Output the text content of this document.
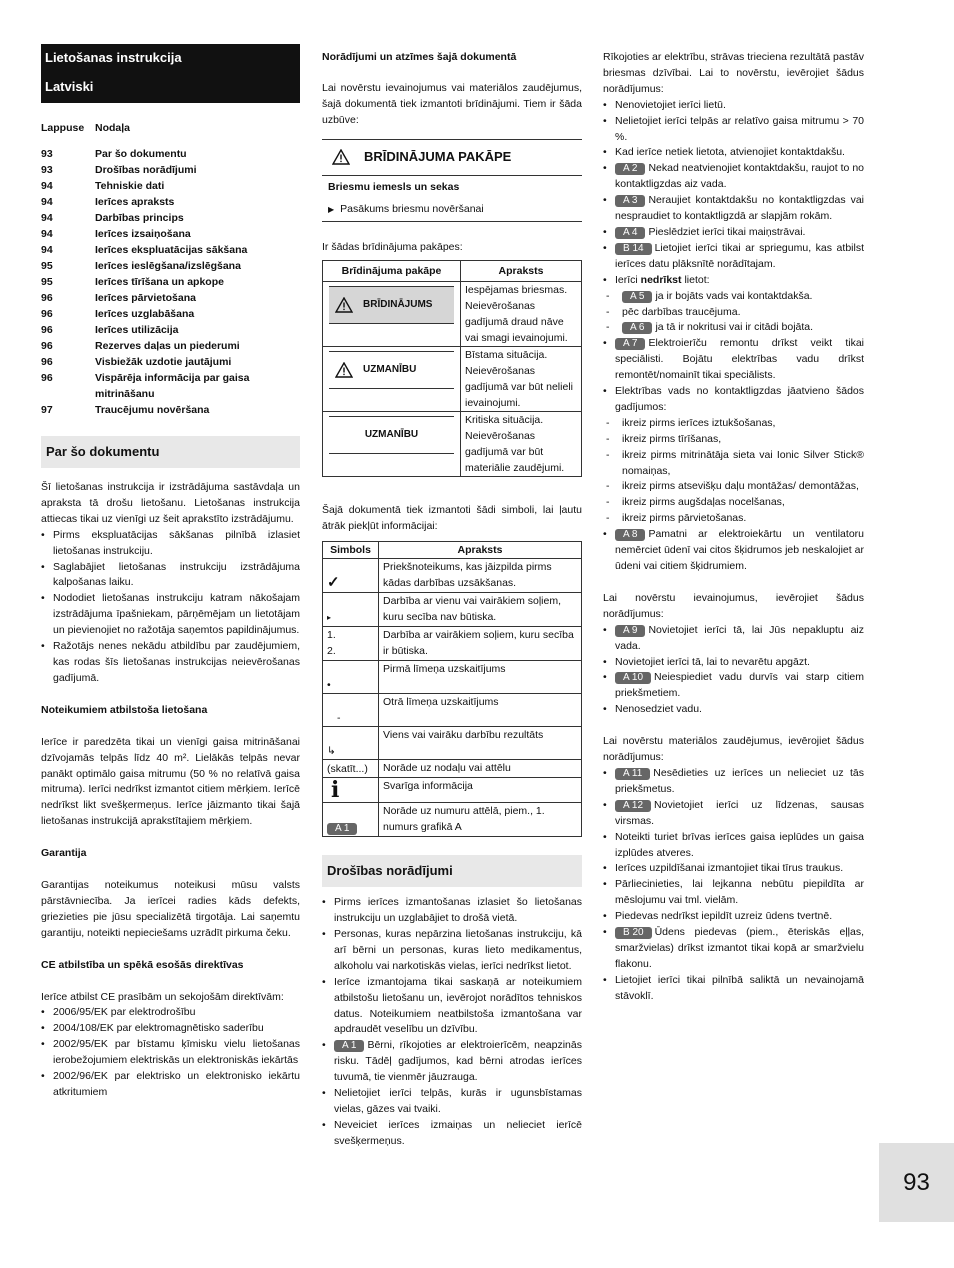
Lietošanas instrukcija
Latviski
Lappuse	Nodaļa
93	Par šo dokumentu
93	Drošības norādījumi
94	Tehniskie dati
94	Ierīces apraksts
94	Darbības princips
94	Ierīces izsaiņošana
94	Ierīces ekspluatācijas sākšana
95	Ierīces ieslēgšana/izslēgšana
95	Ierīces tīrīšana un apkope
96	Ierīces pārvietošana
96	Ierīces uzglabāšana
96	Ierīces utilizācija
96	Rezerves daļas un piederumi
96	Visbiežāk uzdotie jautājumi
96	Vispārēja informācija par gaisa mitrināšanu
97	Traucējumu novēršana
Par šo dokumentu

Šī lietošanas instrukcija ir izstrādājuma sastāvdaļa un apraksta tā drošu lietošanu. Lietošanas instrukcija attiecas tikai uz vienīgi uz šeit aprakstīto izstrādājumu.

• Pirms ekspluatācijas sākšanas pilnībā izlasiet lietošanas instrukciju.
• Saglabājiet lietošanas instrukciju izstrādājuma kalpošanas laiku.
• Nododiet lietošanas instrukciju katram nākošajam izstrādājuma īpašniekam, pārņēmējam un lietotājam un pievienojiet no ražotāja saņemtos papildinājumus.
• Ražotājs nenes nekādu atbildību par zaudējumiem, kas rodas šīs lietošanas instrukcijas neievērošanas gadījumā.

Noteikumiem atbilstoša lietošana

Ierīce ir paredzēta tikai un vienīgi gaisa mitrināšanai dzīvojamās telpās līdz 40 m². Lielākās telpās nevar panākt optimālo gaisa mitrumu (50 % no relatīvā gaisa mitruma). Ierīci nedrīkst izmantot citiem mērķiem. Ierīcē nedrīkst likt svešķermeņus. Ierīce jāizmanto tikai šajā lietošanas instrukcijā aprakstītajiem mērķiem.

Garantija

Garantijas noteikumus noteikusi mūsu valsts pārstāvniecība. Ja ierīcei radies kāds defekts, griezieties pie jūsu specializētā tirgotāja. Lai saņemtu garantiju, noteikti nepieciešams uzrādīt pirkuma čeku.

CE atbilstība un spēkā esošās direktīvas

Ierīce atbilst CE prasībām un sekojošām direktīvām:

• 2006/95/EK par elektrodrošību
• 2004/108/EK par elektromagnētisko saderību
• 2002/95/EK par bīstamu ķīmisku vielu lietošanas ierobežojumiem elektriskās un elektroniskās iekārtās
• 2002/96/EK par elektrisko un elektronisko iekārtu atkritumiem

Norādījumi un atzīmes šajā dokumentā

Lai novērstu ievainojumus vai materiālos zaudējumus, šajā dokumentā tiek izmantoti brīdinājumi. Tiem ir šāda uzbūve:

BRĪDINĀJUMA PAKĀPE
Briesmu iemesls un sekas
▶ Pasākums briesmu novēršanai

Ir šādas brīdinājuma pakāpes:

Brīdinājuma pakāpe	Apraksts

BRĪDINĀJUMS	Iespējamas briesmas. Neievērošanas gadījumā draud nāve vai smagi ievainojumi.

UZMANĪBU	Bīstama situācija. Neievērošanas gadījumā var būt nelieli ievainojumi.

UZMANĪBU	Kritiska situācija. Neievērošanas gadījumā var būt materiālie zaudējumi.

Šajā dokumentā tiek izmantoti šādi simboli, lai ļautu ātrāk piekļūt informācijai:

Simbols	Apraksts
✓	Priekšnoteikums, kas jāizpilda pirms kādas darbības uzsākšanas.
▸	Darbība ar vienu vai vairākiem soļiem, kuru secība nav būtiska.
1.
2.	Darbība ar vairākiem soļiem, kuru secība ir būtiska.
•	Pirmā līmeņa uzskaitījums
-	Otrā līmeņa uzskaitījums
↳	Viens vai vairāku darbību rezultāts
(skatīt...)	Norāde uz nodaļu vai attēlu
i	Svarīga informācija
A 1	Norāde uz numuru attēlā, piem., 1. numurs grafikā A
Drošības norādījumi
• Pirms ierīces izmantošanas izlasiet šo lietošanas instrukciju un uzglabājiet to drošā vietā.
• Personas, kuras nepārzina lietošanas instrukciju, kā arī bērni un personas, kuras lieto medikamentus, alkoholu vai narkotiskās vielas, ierīci nedrīkst lietot.
• Ierīce izmantojama tikai saskaņā ar noteikumiem atbilstošu lietošanu un, ievērojot norādītos tehniskos datus. Noteikumiem neatbilstoša izmantošana var apdraudēt veselību un dzīvību.
• A 1 Bērni, rīkojoties ar elektroierīcēm, neapzinās risku. Tādēļ gadījumos, kad bērni atrodas ierīces tuvumā, tie vienmēr jāuzrauga.
• Nelietojiet ierīci telpās, kurās ir ugunsbīstamas vielas, gāzes vai tvaiki.
• Neveiciet ierīces izmaiņas un nelieciet ierīcē svešķermeņus.

Rīkojoties ar elektrību, strāvas trieciena rezultātā pastāv briesmas dzīvībai. Lai to novērstu, ievērojiet šādus norādījumus:

• Nenovietojiet ierīci lietū.
• Nelietojiet ierīci telpās ar relatīvo gaisa mitrumu > 70 %.
• Kad ierīce netiek lietota, atvienojiet kontaktdakšu.
• A 2 Nekad neatvienojiet kontaktdakšu, raujot to no kontaktligzdas aiz vada.
• A 3 Neraujiet kontaktdakšu no kontaktligzdas vai nespraudiet to kontaktligzdā ar slapjām rokām.
• A 4 Pieslēdziet ierīci tikai maiņstrāvai.
• B 14 Lietojiet ierīci tikai ar spriegumu, kas atbilst ierīces datu plāksnītē norādītajam.
• Ierīci nedrīkst lietot:
- A 5 ja ir bojāts vads vai kontaktdakša.
- pēc darbības traucējuma.
- A 6 ja tā ir nokritusi vai ir citādi bojāta.
• A 7 Elektroierīču remontu drīkst veikt tikai speciālisti. Bojātu elektrības vadu drīkst remontēt/nomainīt tikai speciālists.
• Elektrības vads no kontaktligzdas jāatvieno šādos gadījumos:
- ikreiz pirms ierīces iztukšošanas,
- ikreiz pirms tīrīšanas,
- ikreiz pirms mitrinātāja sieta vai Ionic Silver Stick® nomaiņas,
- ikreiz pirms atsevišķu daļu montāžas/ demontāžas,
- ikreiz pirms augšdaļas nocelšanas,
- ikreiz pirms pārvietošanas.
• A 8 Pamatni ar elektroiekārtu un ventilatoru nemērciet ūdenī vai citos šķidrumos jeb neskalojiet ar ūdeni vai citiem šķidrumiem.

Lai novērstu ievainojumus, ievērojiet šādus norādījumus:

• A 9 Novietojiet ierīci tā, lai Jūs nepakluptu aiz vada.
• Novietojiet ierīci tā, lai to nevarētu apgāzt.
• A 10 Neiespiediet vadu durvīs vai starp citiem priekšmetiem.
• Nenosedziet vadu.

Lai novērstu materiālos zaudējumus, ievērojiet šādus norādījumus:

• A 11 Nesēdieties uz ierīces un nelieciet uz tās priekšmetus.
• A 12 Novietojiet ierīci uz līdzenas, sausas virsmas.
• Noteikti turiet brīvas ierīces gaisa ieplūdes un gaisa izplūdes atveres.
• Ierīces uzpildīšanai izmantojiet tikai tīrus traukus.
• Pārliecinieties, lai lejkanna nebūtu piepildīta ar mēslojumu vai tml. vielām.
• Piedevas nedrīkst iepildīt uzreiz ūdens tvertnē.
• B 20 Ūdens piedevas (piem., ēteriskās eļļas, smaržvielas) drīkst izmantot tikai kopā ar smaržvielu flakonu.
• Lietojiet ierīci tikai pilnībā saliktā un nevainojamā stāvoklī.
93
